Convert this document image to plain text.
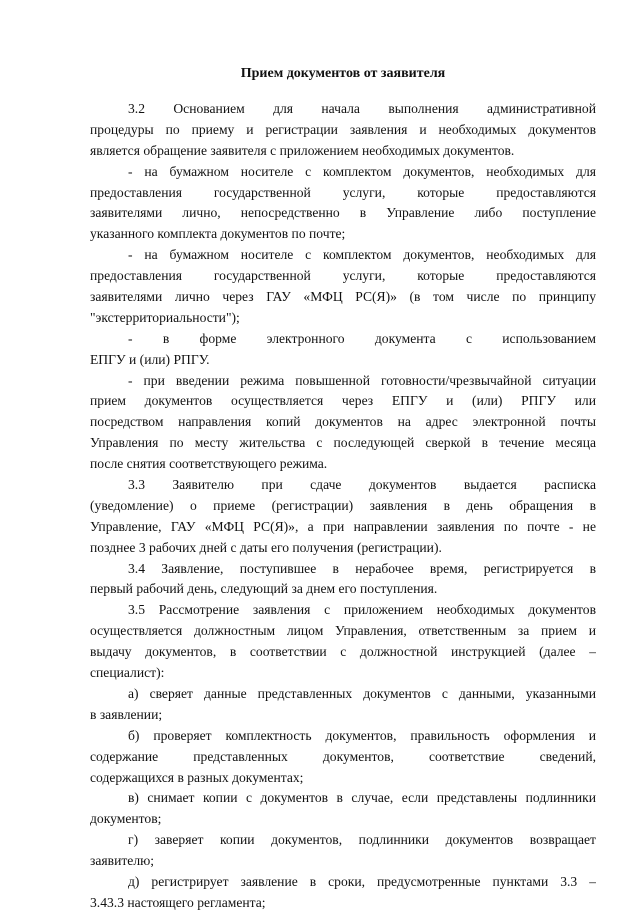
Прием документов от заявителя
3.2 Основанием для начала выполнения административной
процедуры по приему и регистрации заявления и необходимых документов
является обращение заявителя с приложением необходимых документов.
- на бумажном носителе с комплектом документов, необходимых для
предоставления государственной услуги, которые предоставляются
заявителями лично, непосредственно в Управление либо поступление
указанного комплекта документов по почте;
- на бумажном носителе с комплектом документов, необходимых для
предоставления государственной услуги, которые предоставляются
заявителями лично через ГАУ «МФЦ РС(Я)» (в том числе по принципу
"экстерриториальности");
- в форме электронного документа с использованием
ЕПГУ и (или) РПГУ.
- при введении режима повышенной готовности/чрезвычайной ситуации
прием документов осуществляется через ЕПГУ и (или) РПГУ или
посредством направления копий документов на адрес электронной почты
Управления по месту жительства с последующей сверкой в течение месяца
после снятия соответствующего режима.
3.3 Заявителю при сдаче документов выдается расписка
(уведомление) о приеме (регистрации) заявления в день обращения в
Управление, ГАУ «МФЦ РС(Я)», а при направлении заявления по почте - не
позднее 3 рабочих дней с даты его получения (регистрации).
3.4 Заявление, поступившее в нерабочее время, регистрируется в
первый рабочий день, следующий за днем его поступления.
3.5 Рассмотрение заявления с приложением необходимых документов
осуществляется должностным лицом Управления, ответственным за прием и
выдачу документов, в соответствии с должностной инструкцией (далее –
специалист):
а) сверяет данные представленных документов с данными, указанными
в заявлении;
б) проверяет комплектность документов, правильность оформления и
содержание представленных документов, соответствие сведений,
содержащихся в разных документах;
в) снимает копии с документов в случае, если представлены подлинники
документов;
г) заверяет копии документов, подлинники документов возвращает
заявителю;
д) регистрирует заявление в сроки, предусмотренные пунктами 3.3 –
3.43.3 настоящего регламента;
